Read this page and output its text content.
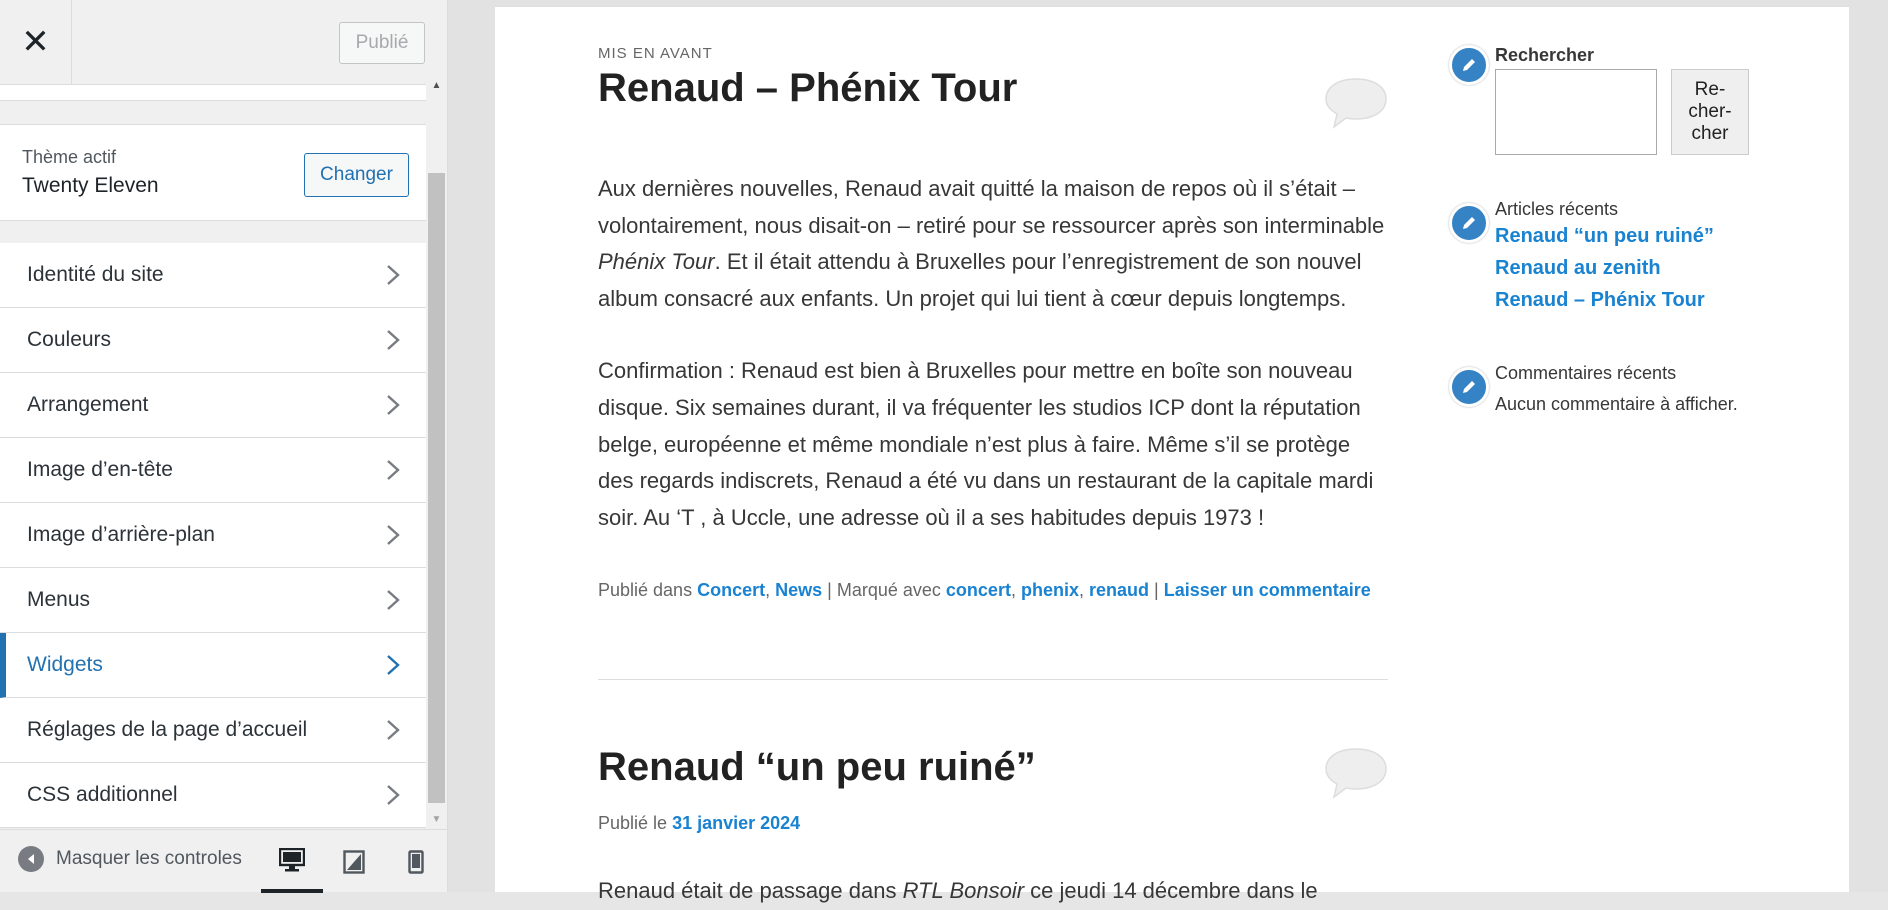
✕	Publié
Thème actif
Twenty Eleven	Changer
Identité du site
Couleurs
Arrangement
Image d’en-tête
Image d’arrière-plan
Menus
Widgets
Réglages de la page d’accueil
CSS additionnel
▲
▼
Masquer les controles
MIS EN AVANT
Renaud – Phénix Tour

Aux dernières nouvelles, Renaud avait quitté la maison de repos où il s’était – volontairement, nous disait-on – retiré pour se ressourcer après son interminable Phénix Tour. Et il était attendu à Bruxelles pour l’enregistrement de son nouvel album consacré aux enfants. Un projet qui lui tient à cœur depuis longtemps.

Confirmation : Renaud est bien à Bruxelles pour mettre en boîte son nouveau disque. Six semaines durant, il va fréquenter les studios ICP dont la réputation belge, européenne et même mondiale n’est plus à faire. Même s’il se protège des regards indiscrets, Renaud a été vu dans un restaurant de la capitale mardi soir. Au ‘T , à Uccle, une adresse où il a ses habitudes depuis 1973 !

Publié dans Concert, News | Marqué avec concert, phenix, renaud | Laisser un commentaire
Renaud “un peu ruiné”
Publié le 31 janvier 2024

Renaud était de passage dans RTL Bonsoir ce jeudi 14 décembre dans le

Rechercher
Re-
cher-
cher
Articles récents
Renaud “un peu ruiné”
Renaud au zenith
Renaud – Phénix Tour
Commentaires récents
Aucun commentaire à afficher.
